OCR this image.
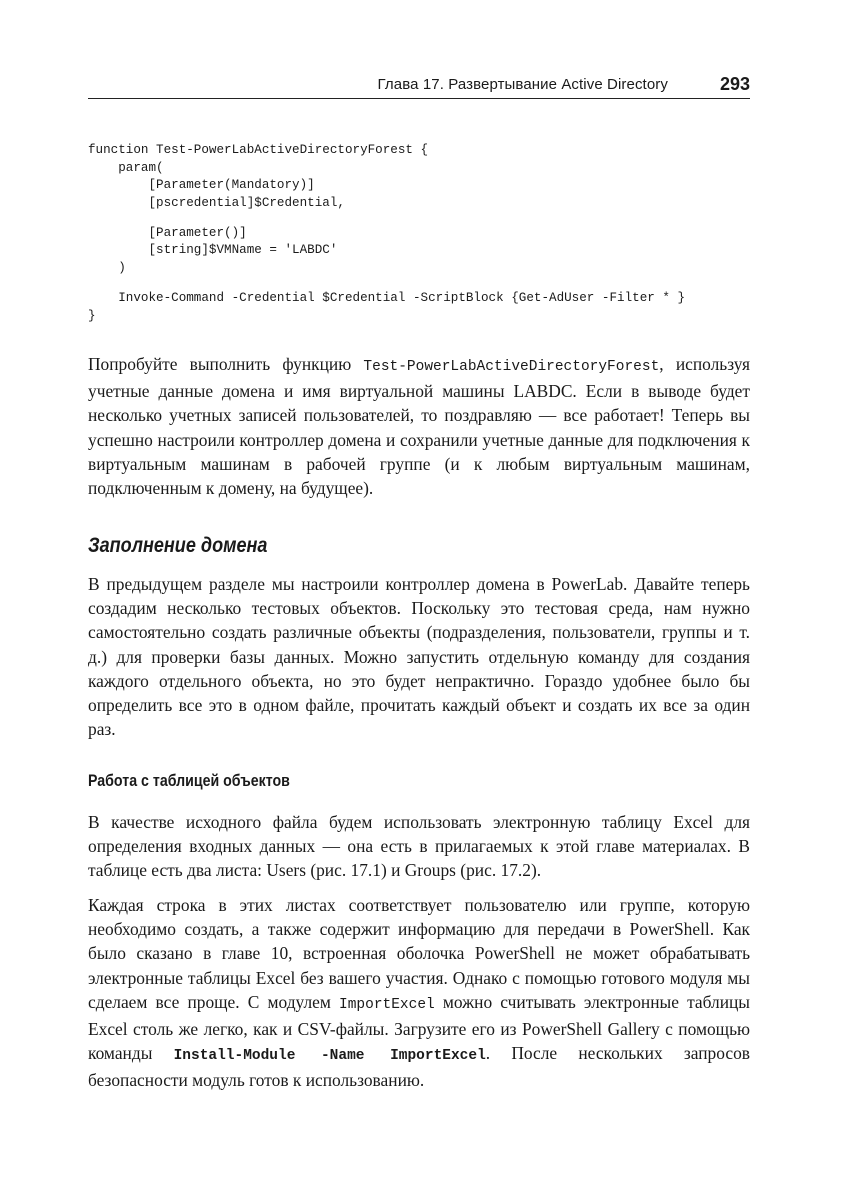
Глава 17. Развертывание Active Directory	293
function Test-PowerLabActiveDirectoryForest {
param(
[Parameter(Mandatory)]
[pscredential]$Credential,
[Parameter()]
[string]$VMName = 'LABDC'
)
Invoke-Command -Credential $Credential -ScriptBlock {Get-AdUser -Filter * }
}

Попробуйте выполнить функцию Test-PowerLabActiveDirectoryForest, используя учетные данные домена и имя виртуальной машины LABDC. Если в выводе будет несколько учетных записей пользователей, то поздравляю — все работает! Теперь вы успешно настроили контроллер домена и сохранили учетные данные для подключения к виртуальным машинам в рабочей группе (и к любым виртуальным машинам, подключенным к домену, на будущее).

Заполнение домена

В предыдущем разделе мы настроили контроллер домена в PowerLab. Давайте теперь создадим несколько тестовых объектов. Поскольку это тестовая среда, нам нужно самостоятельно создать различные объекты (подразделения, пользователи, группы и т. д.) для проверки базы данных. Можно запустить отдельную команду для создания каждого отдельного объекта, но это будет непрактично. Гораздо удобнее было бы определить все это в одном файле, прочитать каждый объект и создать их все за один раз.

Работа с таблицей объектов

В качестве исходного файла будем использовать электронную таблицу Excel для определения входных данных — она есть в прилагаемых к этой главе материалах. В таблице есть два листа: Users (рис. 17.1) и Groups (рис. 17.2).

Каждая строка в этих листах соответствует пользователю или группе, которую необходимо создать, а также содержит информацию для передачи в PowerShell. Как было сказано в главе 10, встроенная оболочка PowerShell не может обрабатывать электронные таблицы Excel без вашего участия. Однако с помощью готового модуля мы сделаем все проще. С модулем ImportExcel можно считывать электронные таблицы Excel столь же легко, как и CSV-файлы. Загрузите его из PowerShell Gallery с помощью команды Install-Module -Name ImportExcel. После нескольких запросов безопасности модуль готов к использованию.
